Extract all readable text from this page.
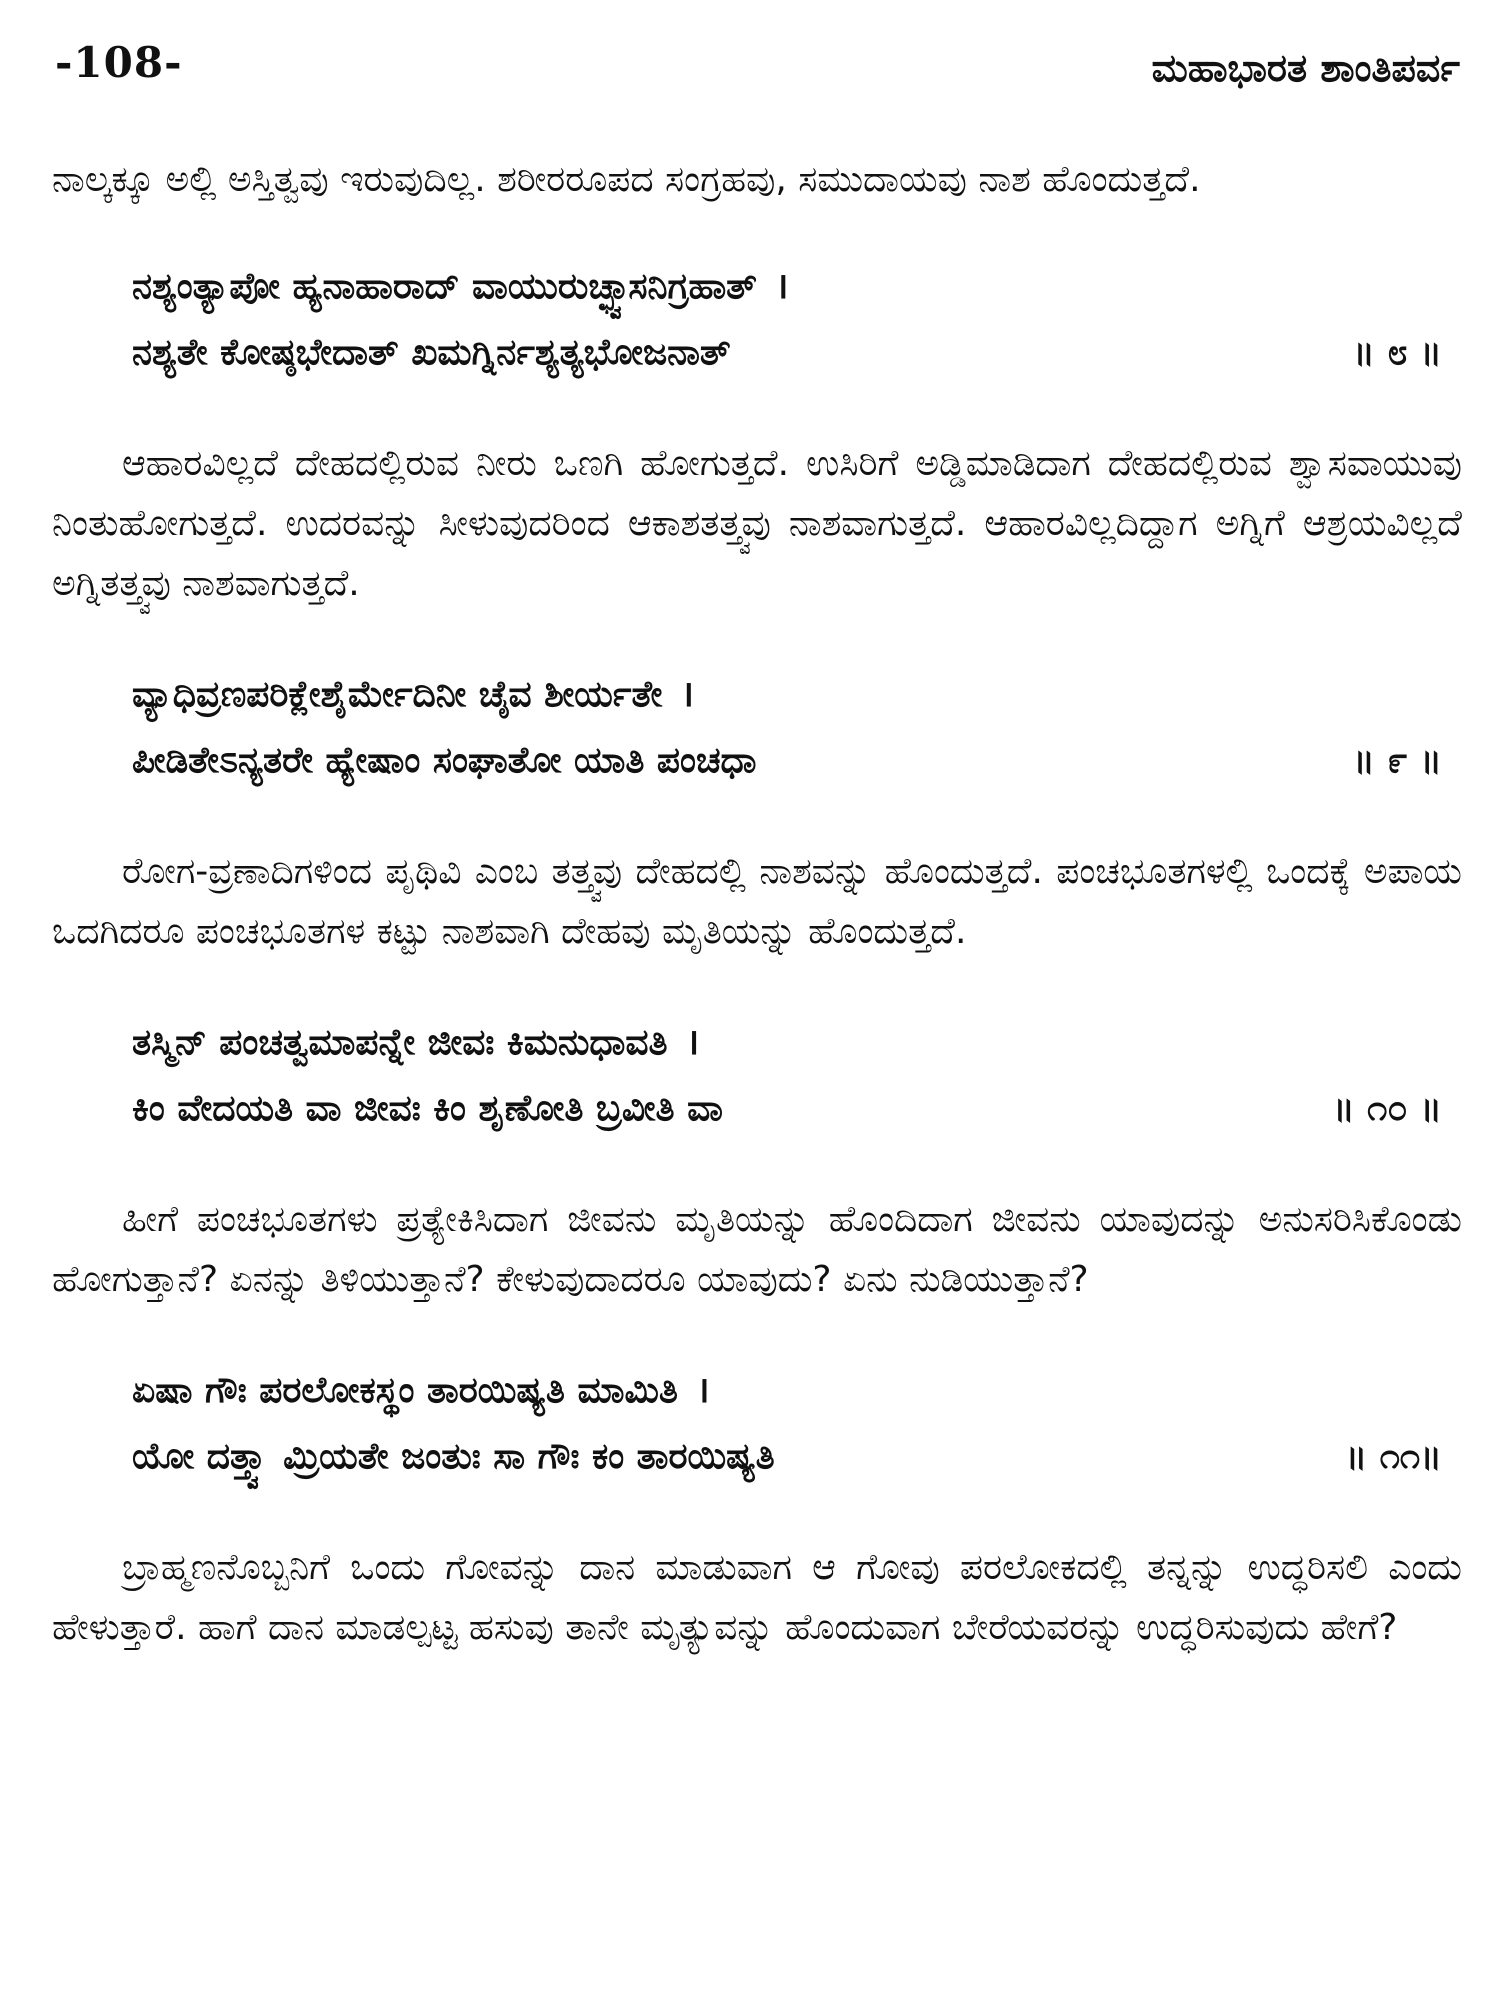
-108-	ಮಹಾಭಾರತ ಶಾಂತಿಪರ್ವ

ನಾಲ್ಕಕ್ಕೂ ಅಲ್ಲಿ ಅಸ್ತಿತ್ವವು ಇರುವುದಿಲ್ಲ. ಶರೀರರೂಪದ ಸಂಗ್ರಹವು, ಸಮುದಾಯವು ನಾಶ ಹೊಂದುತ್ತದೆ.

ನಶ್ಯಂತ್ಯಾಪೋ ಹ್ಯನಾಹಾರಾದ್ ವಾಯುರುಚ್ಛ್ವಾಸನಿಗ್ರಹಾತ್ ।
ನಶ್ಯತೇ ಕೋಷ್ಠಭೇದಾತ್ ಖಮಗ್ನಿರ್ನಶ್ಯತ್ಯಭೋಜನಾತ್	॥ ೮ ॥

ಆಹಾರವಿಲ್ಲದೆ ದೇಹದಲ್ಲಿರುವ ನೀರು ಒಣಗಿ ಹೋಗುತ್ತದೆ. ಉಸಿರಿಗೆ ಅಡ್ಡಿಮಾಡಿದಾಗ ದೇಹದಲ್ಲಿರುವ ಶ್ವಾಸವಾಯುವು ನಿಂತುಹೋಗುತ್ತದೆ. ಉದರವನ್ನು ಸೀಳುವುದರಿಂದ ಆಕಾಶತತ್ತ್ವವು ನಾಶವಾಗುತ್ತದೆ. ಆಹಾರವಿಲ್ಲದಿದ್ದಾಗ ಅಗ್ನಿಗೆ ಆಶ್ರಯವಿಲ್ಲದೆ ಅಗ್ನಿತತ್ತ್ವವು ನಾಶವಾಗುತ್ತದೆ.

ವ್ಯಾಧಿವ್ರಣಪರಿಕ್ಲೇಶೈರ್ಮೇದಿನೀ ಚೈವ ಶೀರ್ಯತೇ ।
ಪೀಡಿತೇಽನ್ಯತರೇ ಹ್ಯೇಷಾಂ ಸಂಘಾತೋ ಯಾತಿ ಪಂಚಧಾ	॥ ೯ ॥

ರೋಗ-ವ್ರಣಾದಿಗಳಿಂದ ಪೃಥಿವಿ ಎಂಬ ತತ್ತ್ವವು ದೇಹದಲ್ಲಿ ನಾಶವನ್ನು ಹೊಂದುತ್ತದೆ. ಪಂಚಭೂತಗಳಲ್ಲಿ ಒಂದಕ್ಕೆ ಅಪಾಯ ಒದಗಿದರೂ ಪಂಚಭೂತಗಳ ಕಟ್ಟು ನಾಶವಾಗಿ ದೇಹವು ಮೃತಿಯನ್ನು ಹೊಂದುತ್ತದೆ.

ತಸ್ಮಿನ್ ಪಂಚತ್ವಮಾಪನ್ನೇ ಜೀವಃ ಕಿಮನುಧಾವತಿ ।
ಕಿಂ ವೇದಯತಿ ವಾ ಜೀವಃ ಕಿಂ ಶೃಣೋತಿ ಬ್ರವೀತಿ ವಾ	॥ ೧೦ ॥

ಹೀಗೆ ಪಂಚಭೂತಗಳು ಪ್ರತ್ಯೇಕಿಸಿದಾಗ ಜೀವನು ಮೃತಿಯನ್ನು ಹೊಂದಿದಾಗ ಜೀವನು ಯಾವುದನ್ನು ಅನುಸರಿಸಿಕೊಂಡು ಹೋಗುತ್ತಾನೆ? ಏನನ್ನು ತಿಳಿಯುತ್ತಾನೆ? ಕೇಳುವುದಾದರೂ ಯಾವುದು? ಏನು ನುಡಿಯುತ್ತಾನೆ?

ಏಷಾ ಗೌಃ ಪರಲೋಕಸ್ಥಂ ತಾರಯಿಷ್ಯತಿ ಮಾಮಿತಿ ।
ಯೋ ದತ್ತ್ವಾ ಮ್ರಿಯತೇ ಜಂತುಃ ಸಾ ಗೌಃ ಕಂ ತಾರಯಿಷ್ಯತಿ	॥ ೧೧॥

ಬ್ರಾಹ್ಮಣನೊಬ್ಬನಿಗೆ ಒಂದು ಗೋವನ್ನು ದಾನ ಮಾಡುವಾಗ ಆ ಗೋವು ಪರಲೋಕದಲ್ಲಿ ತನ್ನನ್ನು ಉದ್ಧರಿಸಲಿ ಎಂದು ಹೇಳುತ್ತಾರೆ. ಹಾಗೆ ದಾನ ಮಾಡಲ್ಪಟ್ಟ ಹಸುವು ತಾನೇ ಮೃತ್ಯುವನ್ನು ಹೊಂದುವಾಗ ಬೇರೆಯವರನ್ನು ಉದ್ಧರಿಸುವುದು ಹೇಗೆ?
